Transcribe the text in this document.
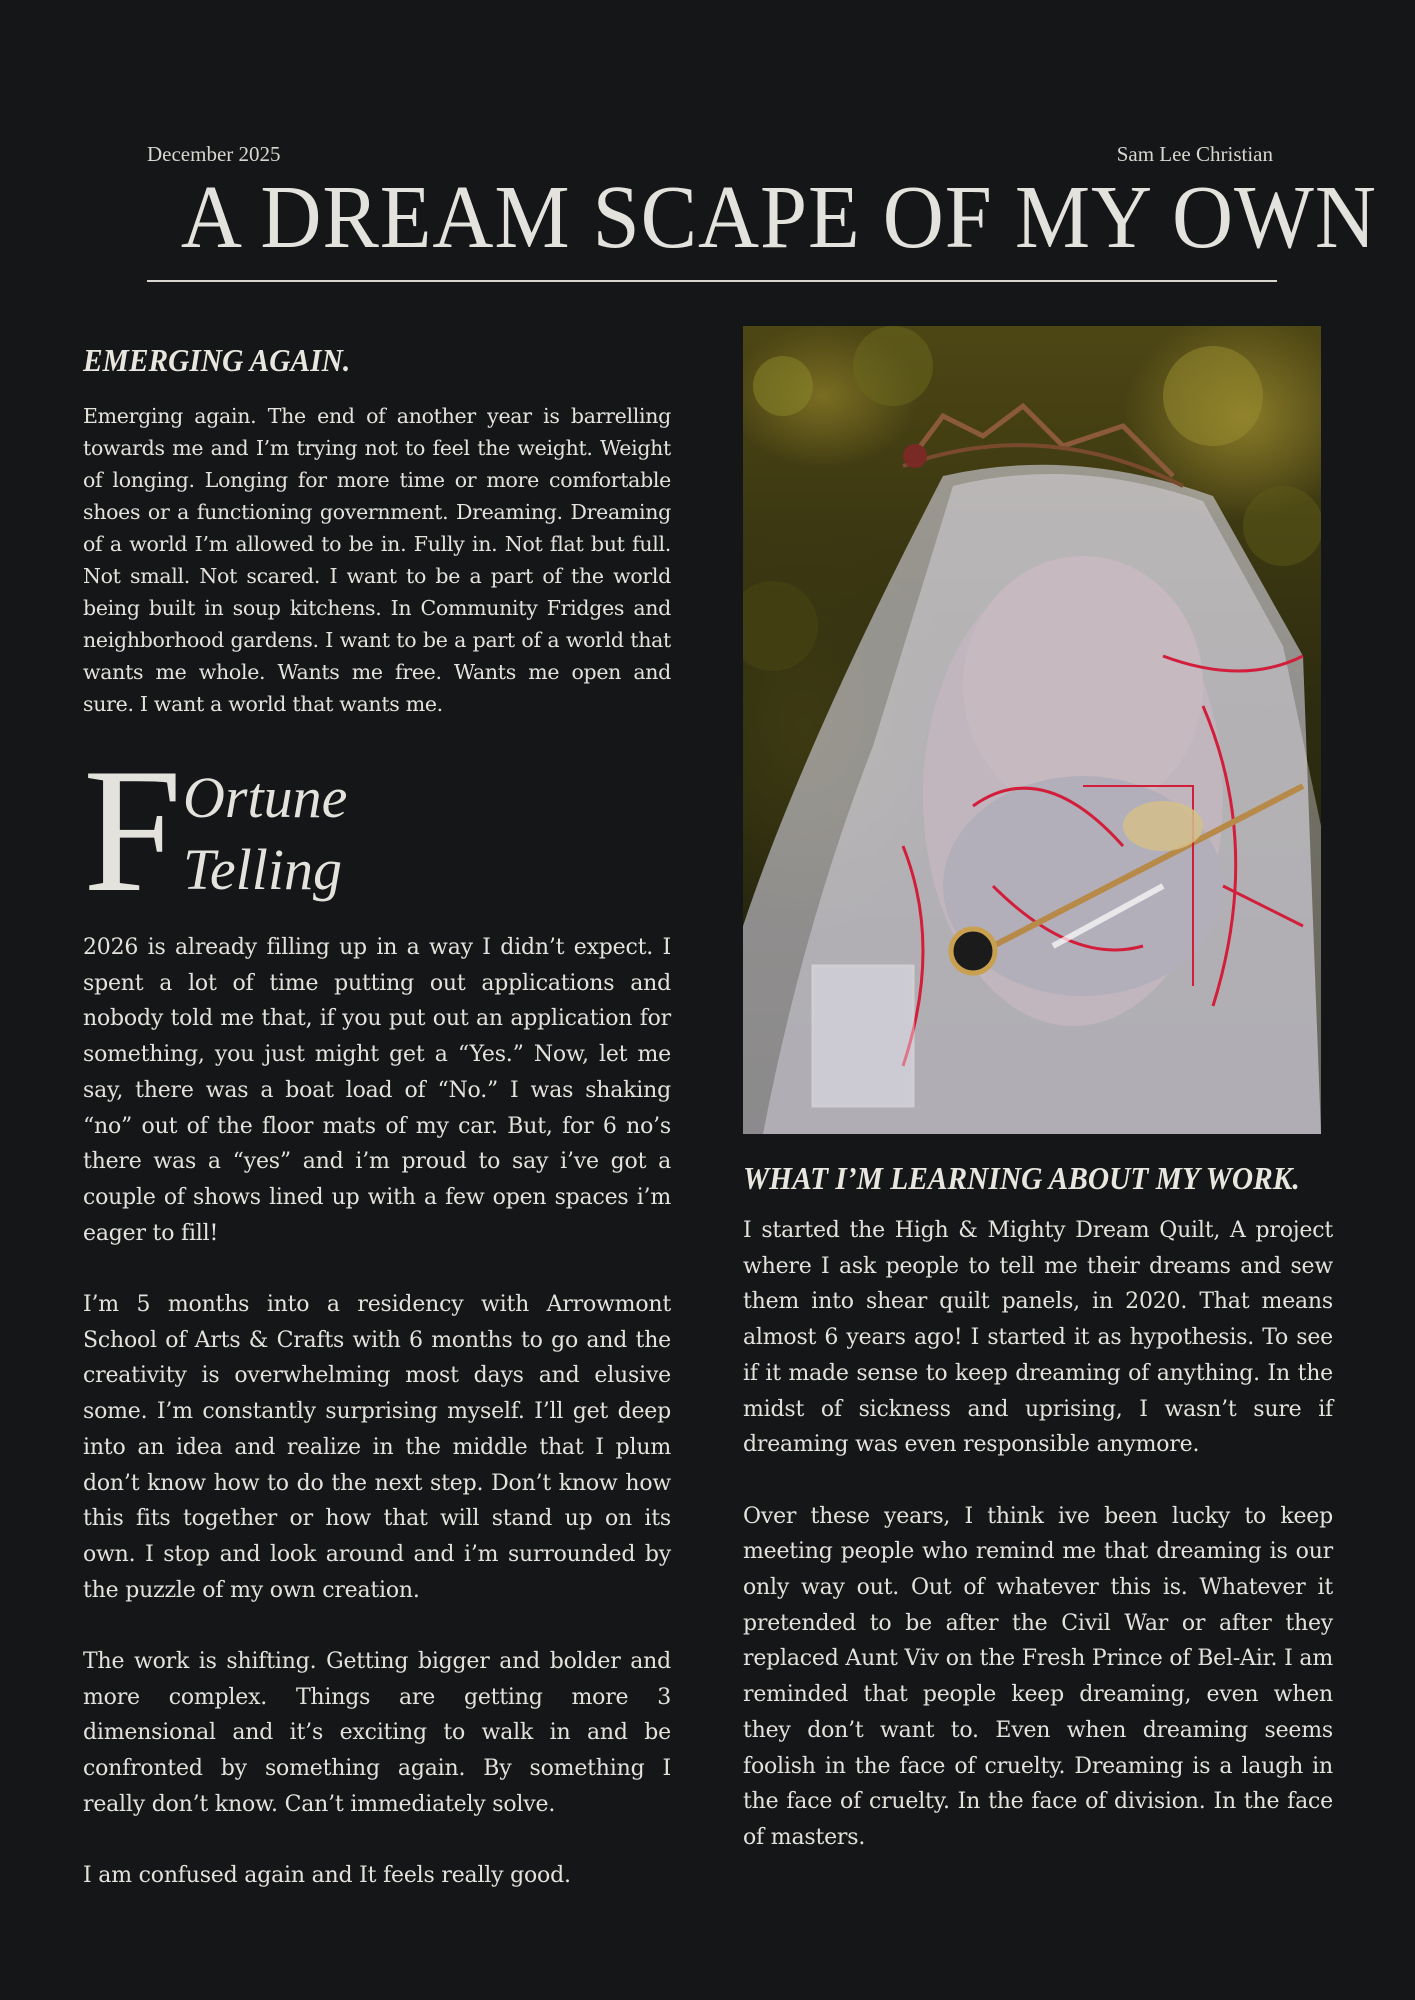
December 2025	Sam Lee Christian
A DREAM SCAPE OF MY OWN
EMERGING AGAIN.

Emerging again. The end of another year is barrelling towards me and I’m trying not to feel the weight. Weight of longing. Longing for more time or more comfortable shoes or a functioning government. Dreaming. Dreaming of a world I’m allowed to be in. Fully in. Not flat but full. Not small. Not scared. I want to be a part of the world being built in soup kitchens. In Community Fridges and neighborhood gardens. I want to be a part of a world that wants me whole. Wants me free. Wants me open and sure. I want a world that wants me.

F Ortune
Telling

2026 is already filling up in a way I didn’t expect. I spent a lot of time putting out applications and nobody told me that, if you put out an application for something, you just might get a “Yes.” Now, let me say, there was a boat load of “No.” I was shaking “no” out of the floor mats of my car. But, for 6 no’s there was a “yes” and i’m proud to say i’ve got a couple of shows lined up with a few open spaces i’m eager to fill!

I’m 5 months into a residency with Arrowmont School of Arts & Crafts with 6 months to go and the creativity is overwhelming most days and elusive some. I’m constantly surprising myself. I’ll get deep into an idea and realize in the middle that I plum don’t know how to do the next step. Don’t know how this fits together or how that will stand up on its own. I stop and look around and i’m surrounded by the puzzle of my own creation.

The work is shifting. Getting bigger and bolder and more complex. Things are getting more 3 dimensional and it’s exciting to walk in and be confronted by something again. By something I really don’t know. Can’t immediately solve.

I am confused again and It feels really good.

WHAT I’M LEARNING ABOUT MY WORK.

I started the High & Mighty Dream Quilt, A project where I ask people to tell me their dreams and sew them into shear quilt panels, in 2020. That means almost 6 years ago! I started it as hypothesis. To see if it made sense to keep dreaming of anything. In the midst of sickness and uprising, I wasn’t sure if dreaming was even responsible anymore.

Over these years, I think ive been lucky to keep meeting people who remind me that dreaming is our only way out. Out of whatever this is. Whatever it pretended to be after the Civil War or after they replaced Aunt Viv on the Fresh Prince of Bel-Air. I am reminded that people keep dreaming, even when they don’t want to. Even when dreaming seems foolish in the face of cruelty. Dreaming is a laugh in the face of cruelty. In the face of division. In the face of masters.
